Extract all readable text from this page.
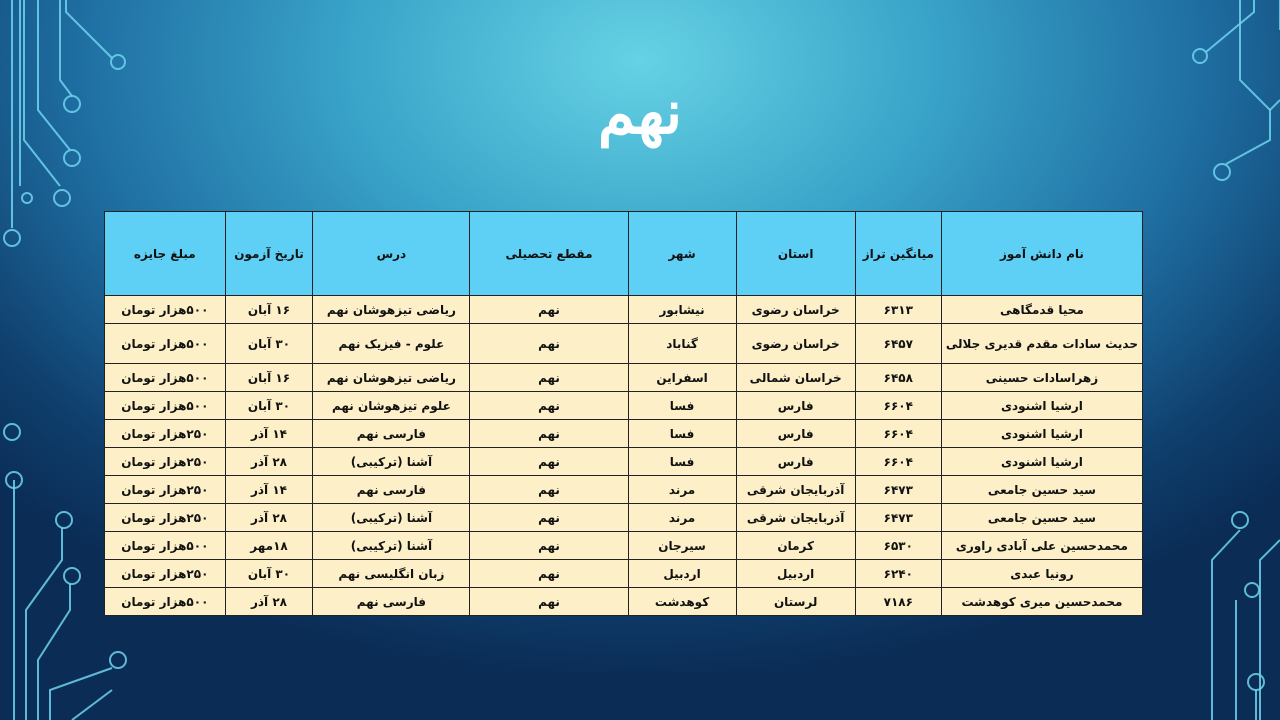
نهم
نام دانش آموز	میانگین تراز	استان	شهر	مقطع تحصیلی	درس	تاریخ آزمون	مبلغ جایزه
محیا قدمگاهی	۶۳۱۳	خراسان رضوی	نیشابور	نهم	ریاضی تیزهوشان نهم	۱۶ آبان	۵۰۰هزار تومان
حدیث سادات مقدم قدیری جلالی	۶۴۵۷	خراسان رضوی	گناباد	نهم	علوم - فیزیک نهم	۳۰ آبان	۵۰۰هزار تومان
زهراسادات حسینی	۶۴۵۸	خراسان شمالی	اسفراین	نهم	ریاضی تیزهوشان نهم	۱۶ آبان	۵۰۰هزار تومان
ارشیا اشنودی	۶۶۰۴	فارس	فسا	نهم	علوم تیزهوشان نهم	۳۰ آبان	۵۰۰هزار تومان
ارشیا اشنودی	۶۶۰۴	فارس	فسا	نهم	فارسی نهم	۱۴ آذر	۲۵۰هزار تومان
ارشیا اشنودی	۶۶۰۴	فارس	فسا	نهم	آشنا (ترکیبی)	۲۸ آذر	۲۵۰هزار تومان
سید حسین جامعی	۶۴۷۳	آذربایجان شرقی	مرند	نهم	فارسی نهم	۱۴ آذر	۲۵۰هزار تومان
سید حسین جامعی	۶۴۷۳	آذربایجان شرقی	مرند	نهم	آشنا (ترکیبی)	۲۸ آذر	۲۵۰هزار تومان
محمدحسین علی آبادی راوری	۶۵۳۰	کرمان	سیرجان	نهم	آشنا (ترکیبی)	۱۸مهر	۵۰۰هزار تومان
رونیا عبدی	۶۲۴۰	اردبیل	اردبیل	نهم	زبان انگلیسی نهم	۳۰ آبان	۲۵۰هزار تومان
محمدحسین میری کوهدشت	۷۱۸۶	لرستان	کوهدشت	نهم	فارسی نهم	۲۸ آذر	۵۰۰هزار تومان
